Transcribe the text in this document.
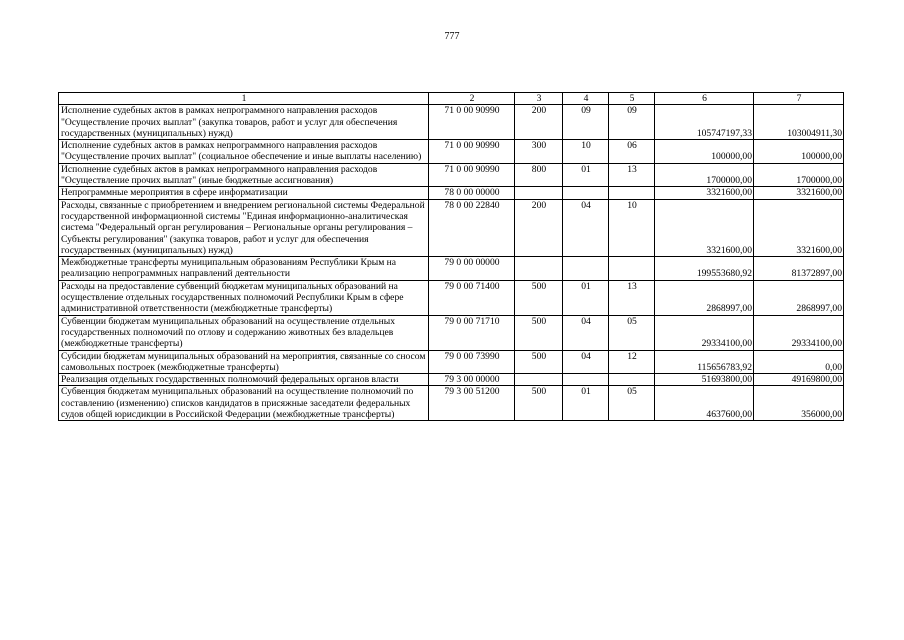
777
1	2	3	4	5	6	7
Исполнение судебных актов в рамках непрограммного направления расходов "Осуществление прочих выплат" (закупка товаров, работ и услуг для обеспечения государственных (муниципальных) нужд)	71 0 00 90990	200	09	09	105747197,33	103004911,30
Исполнение судебных актов в рамках непрограммного направления расходов "Осуществление прочих выплат" (социальное обеспечение и иные выплаты населению)	71 0 00 90990	300	10	06	100000,00	100000,00
Исполнение судебных актов в рамках непрограммного направления расходов "Осуществление прочих выплат" (иные бюджетные ассигнования)	71 0 00 90990	800	01	13	1700000,00	1700000,00
Непрограммные мероприятия в сфере информатизации	78 0 00 00000				3321600,00	3321600,00
Расходы, связанные с приобретением и внедрением региональной системы Федеральной государственной информационной системы "Единая информационно-аналитическая система "Федеральный орган регулирования – Региональные органы регулирования – Субъекты регулирования" (закупка товаров, работ и услуг для обеспечения государственных (муниципальных) нужд)	78 0 00 22840	200	04	10	3321600,00	3321600,00
Межбюджетные трансферты муниципальным образованиям Республики Крым на реализацию непрограммных направлений деятельности	79 0 00 00000				199553680,92	81372897,00
Расходы на предоставление субвенций бюджетам муниципальных образований на осуществление отдельных государственных полномочий Республики Крым в сфере административной ответственности (межбюджетные трансферты)	79 0 00 71400	500	01	13	2868997,00	2868997,00
Субвенции бюджетам муниципальных образований на осуществление отдельных государственных полномочий по отлову и содержанию животных без владельцев (межбюджетные трансферты)	79 0 00 71710	500	04	05	29334100,00	29334100,00
Субсидии бюджетам муниципальных образований на мероприятия, связанные со сносом самовольных построек (межбюджетные трансферты)	79 0 00 73990	500	04	12	115656783,92	0,00
Реализация отдельных государственных полномочий федеральных органов власти	79 3 00 00000				51693800,00	49169800,00
Субвенция бюджетам муниципальных образований на осуществление полномочий по составлению (изменению) списков кандидатов в присяжные заседатели федеральных судов общей юрисдикции в Российской Федерации (межбюджетные трансферты)	79 3 00 51200	500	01	05	4637600,00	356000,00
